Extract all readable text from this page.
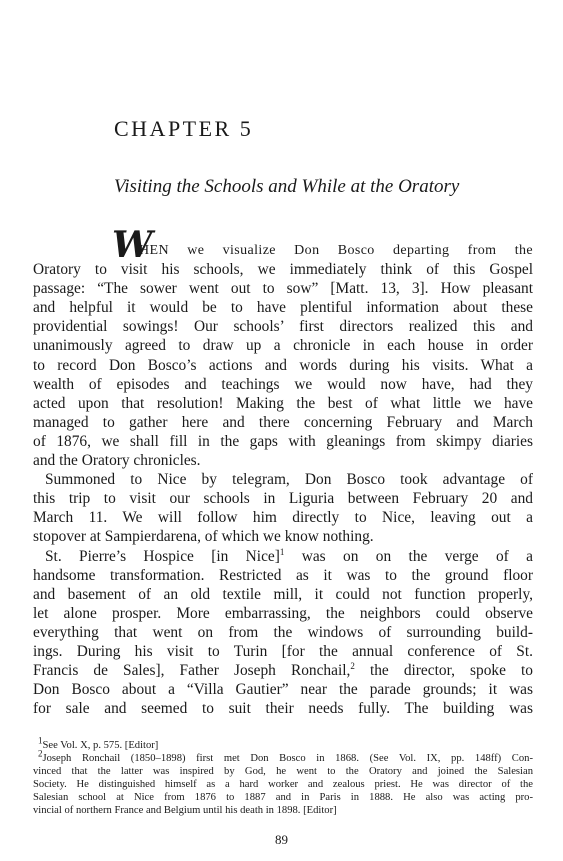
CHAPTER 5
Visiting the Schools and While at the Oratory
WHEN we visualize Don Bosco departing from the
Oratory to visit his schools, we immediately think of this Gospel
passage: “The sower went out to sow” [Matt. 13, 3]. How pleasant
and helpful it would be to have plentiful information about these
providential sowings! Our schools’ first directors realized this and
unanimously agreed to draw up a chronicle in each house in order
to record Don Bosco’s actions and words during his visits. What a
wealth of episodes and teachings we would now have, had they
acted upon that resolution! Making the best of what little we have
managed to gather here and there concerning February and March
of 1876, we shall fill in the gaps with gleanings from skimpy diaries
and the Oratory chronicles.
Summoned to Nice by telegram, Don Bosco took advantage of
this trip to visit our schools in Liguria between February 20 and
March 11. We will follow him directly to Nice, leaving out a
stopover at Sampierdarena, of which we know nothing.
St. Pierre’s Hospice [in Nice]$^1$ was on on the verge of a
handsome transformation. Restricted as it was to the ground floor
and basement of an old textile mill, it could not function properly,
let alone prosper. More embarrassing, the neighbors could observe
everything that went on from the windows of surrounding build-
ings. During his visit to Turin [for the annual conference of St.
Francis de Sales], Father Joseph Ronchail,$^2$ the director, spoke to
Don Bosco about a “Villa Gautier” near the parade grounds; it was
for sale and seemed to suit their needs fully. The building was
$^1$See Vol. X, p. 575. [Editor]
$^2$Joseph Ronchail (1850–1898) first met Don Bosco in 1868. (See Vol. IX, pp. 148ff) Con-
vinced that the latter was inspired by God, he went to the Oratory and joined the Salesian
Society. He distinguished himself as a hard worker and zealous priest. He was director of the
Salesian school at Nice from 1876 to 1887 and in Paris in 1888. He also was acting pro-
vincial of northern France and Belgium until his death in 1898. [Editor]
89
